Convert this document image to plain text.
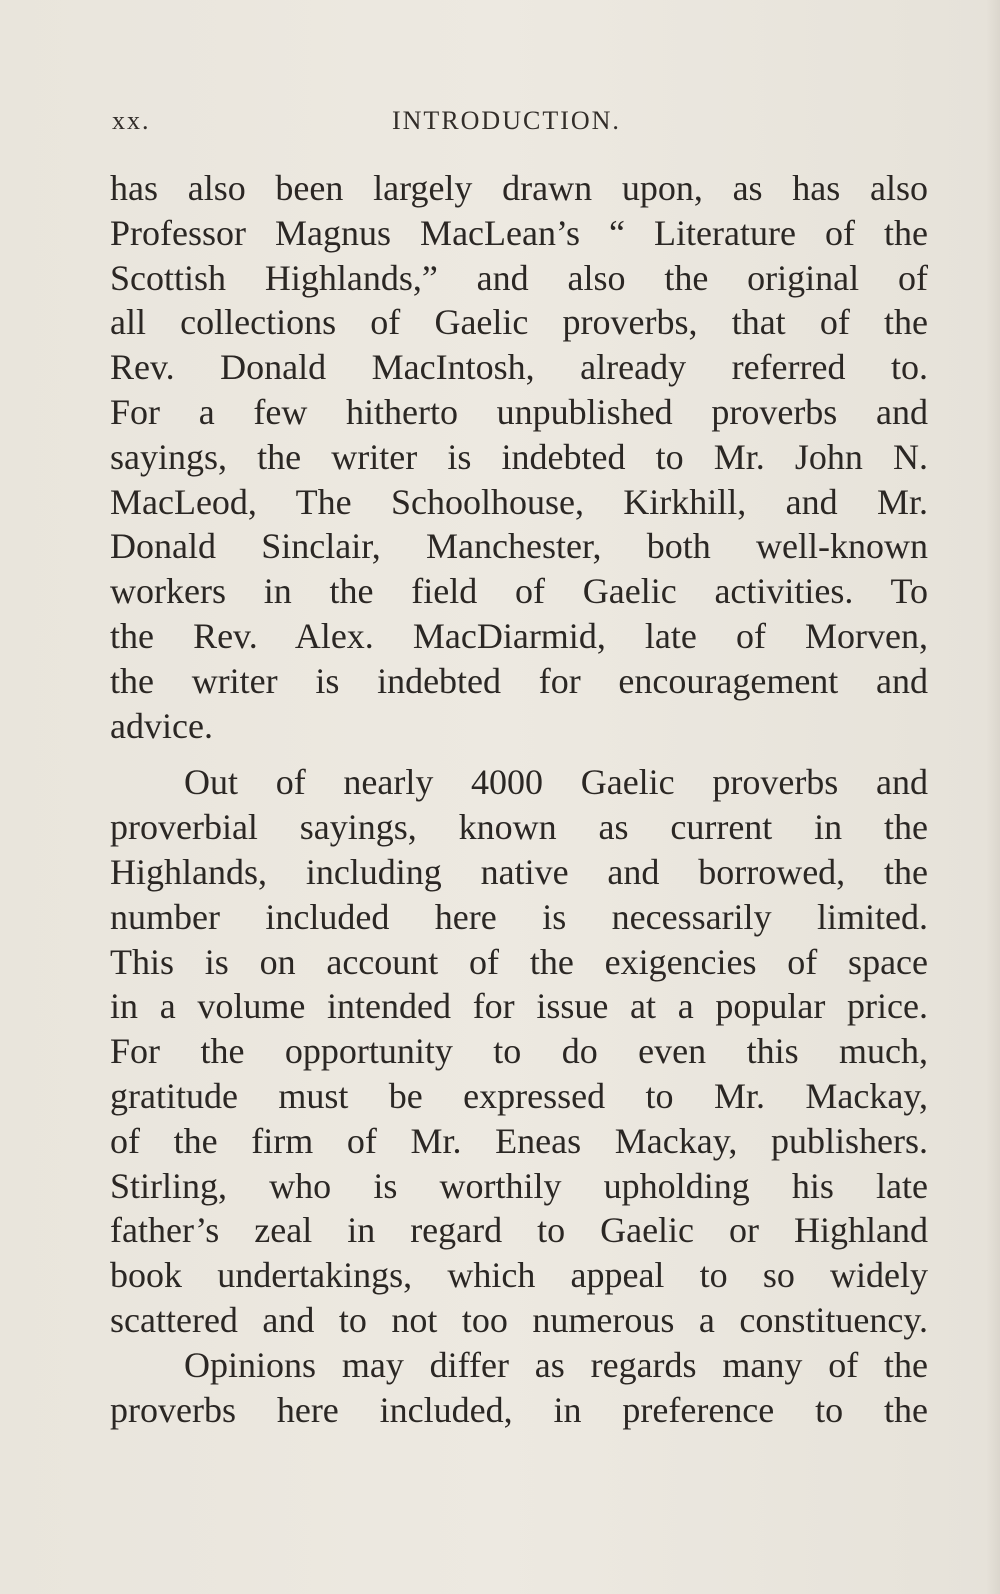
xx.	INTRODUCTION.
has also been largely drawn upon, as has also
Professor Magnus MacLean’s “ Literature of the
Scottish Highlands,” and also the original of
all collections of Gaelic proverbs, that of the
Rev. Donald MacIntosh, already referred to.
For a few hitherto unpublished proverbs and
sayings, the writer is indebted to Mr. John N.
MacLeod, The Schoolhouse, Kirkhill, and Mr.
Donald Sinclair, Manchester, both well-known
workers in the field of Gaelic activities. To
the Rev. Alex. MacDiarmid, late of Morven,
the writer is indebted for encouragement and
advice.
Out of nearly 4000 Gaelic proverbs and
proverbial sayings, known as current in the
Highlands, including native and borrowed, the
number included here is necessarily limited.
This is on account of the exigencies of space
in a volume intended for issue at a popular price.
For the opportunity to do even this much,
gratitude must be expressed to Mr. Mackay,
of the firm of Mr. Eneas Mackay, publishers.
Stirling, who is worthily upholding his late
father’s zeal in regard to Gaelic or Highland
book undertakings, which appeal to so widely
scattered and to not too numerous a constituency.
Opinions may differ as regards many of the
proverbs here included, in preference to the
